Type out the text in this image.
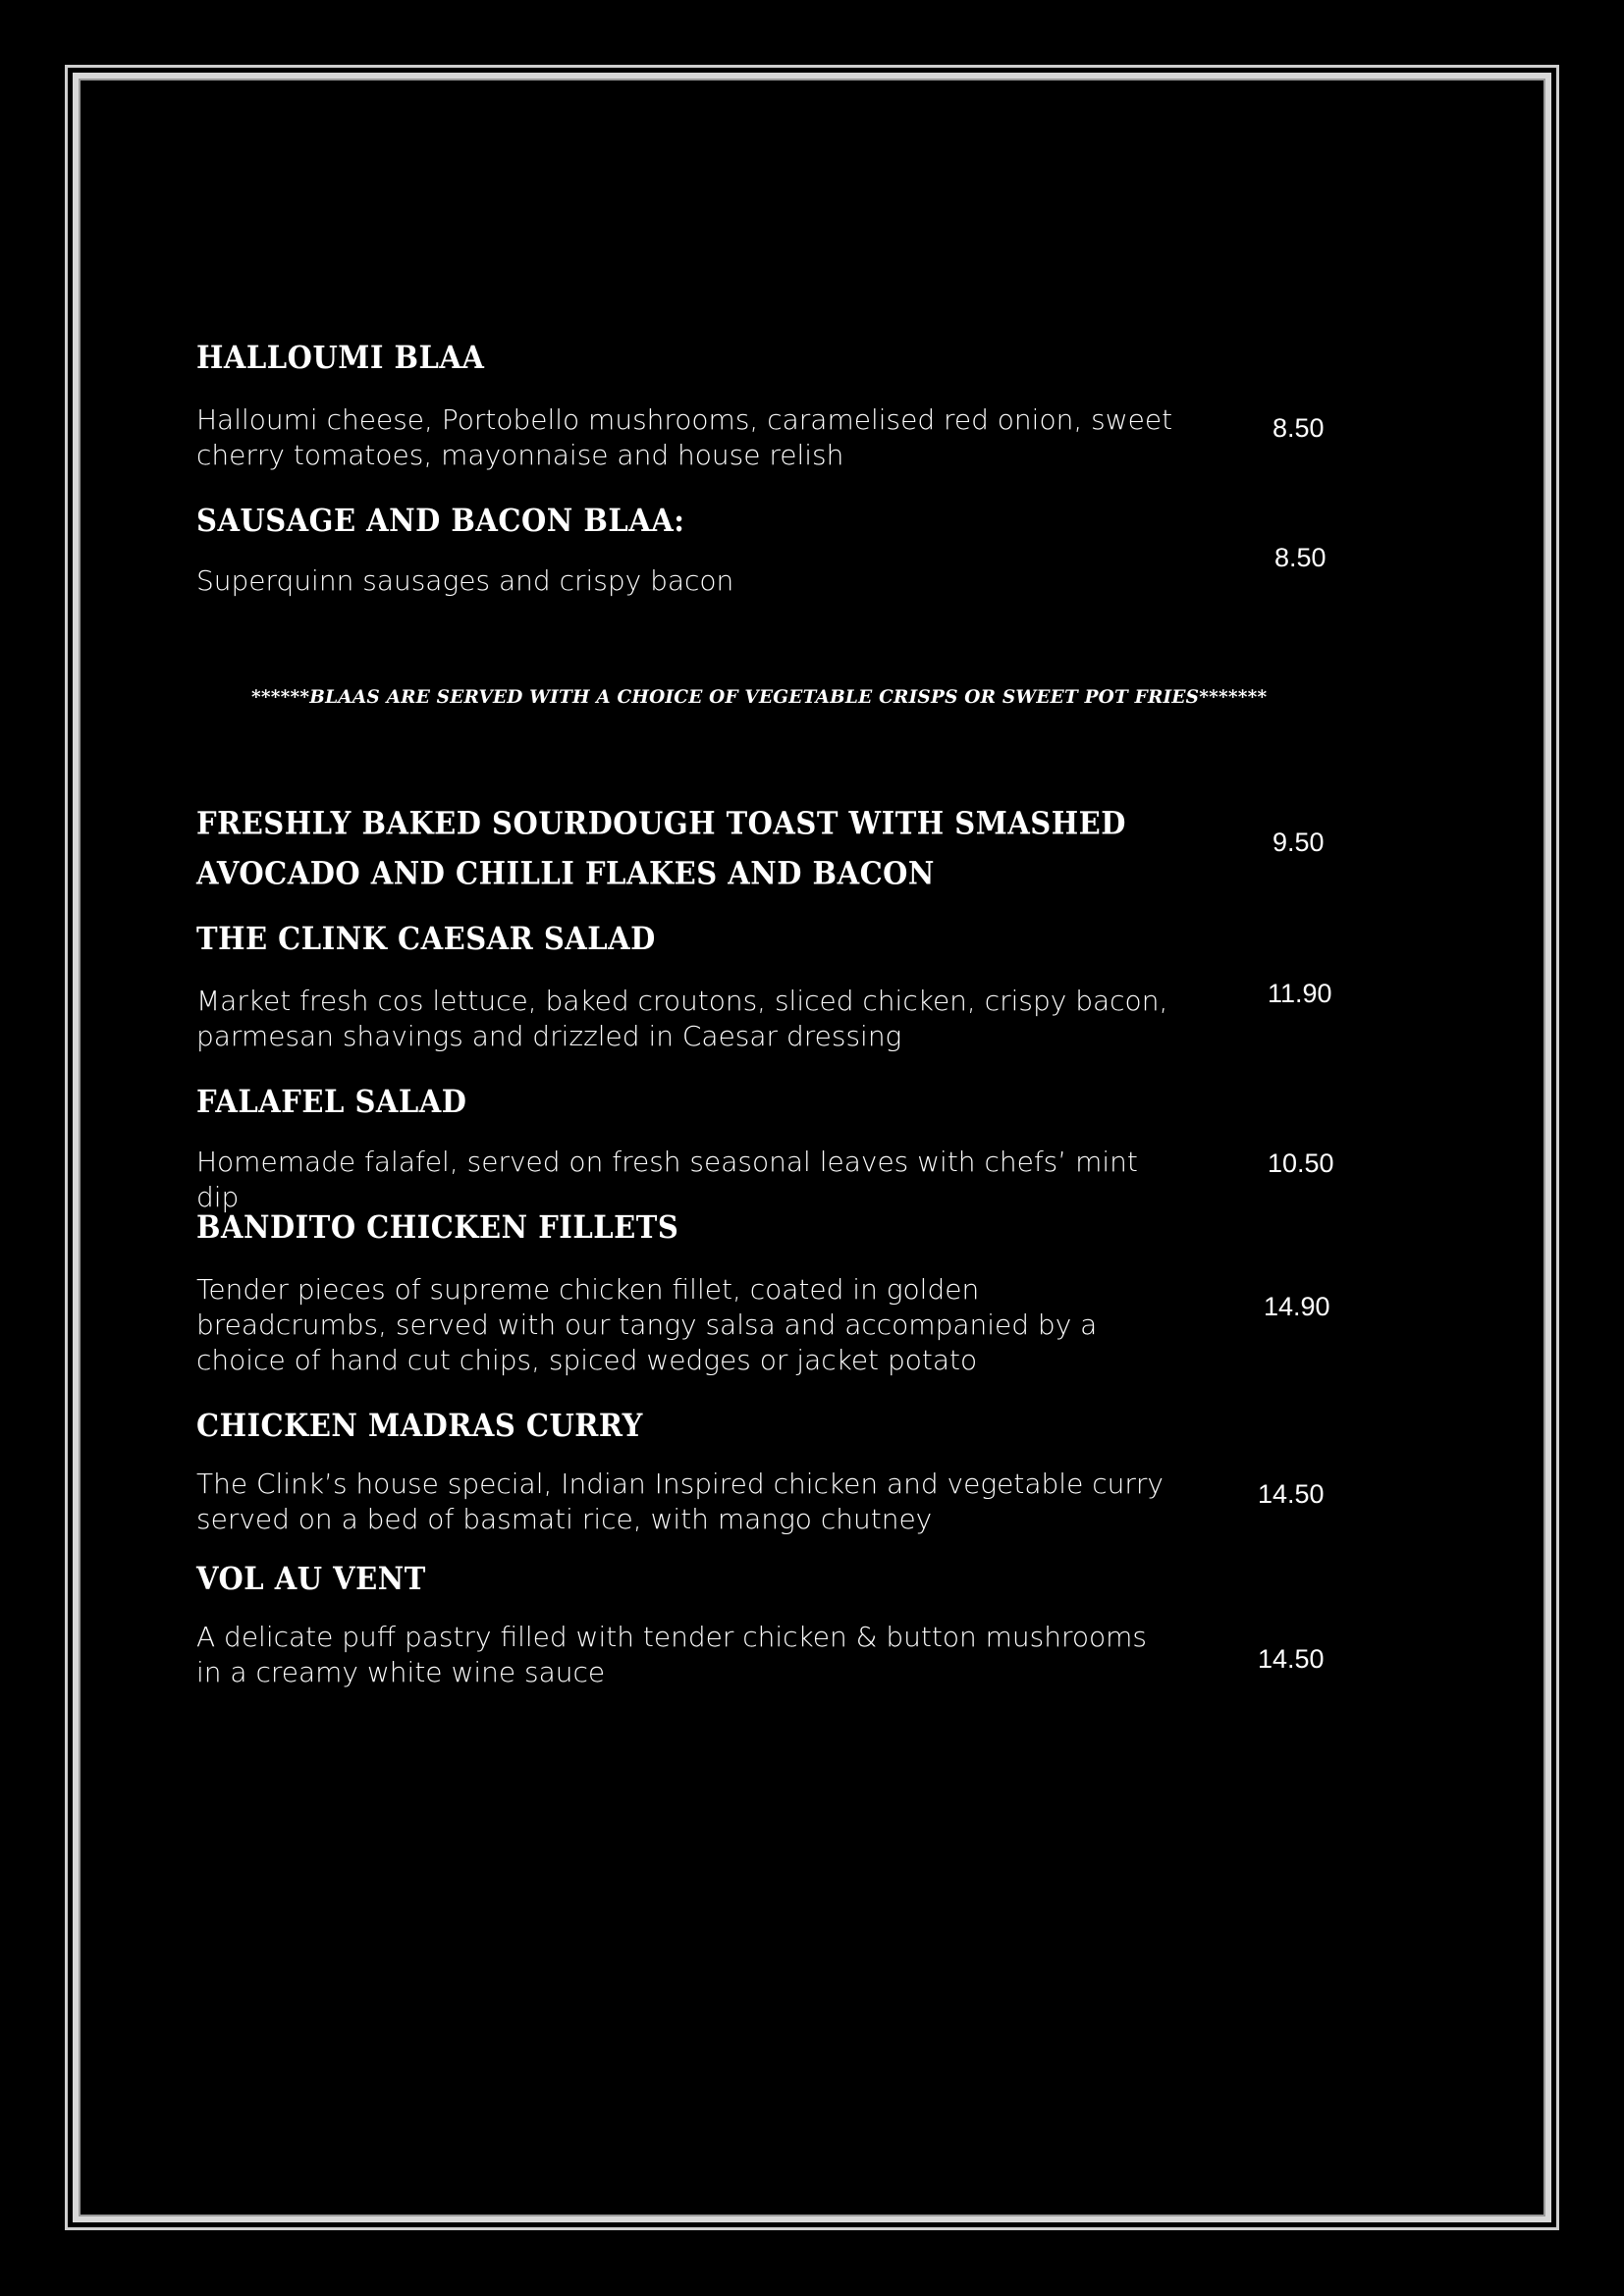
HALLOUMI BLAA
Halloumi cheese, Portobello mushrooms, caramelised red onion, sweet cherry tomatoes, mayonnaise and house relish
8.50
SAUSAGE AND BACON BLAA:
Superquinn sausages and crispy bacon
8.50
******BLAAS ARE SERVED WITH A CHOICE OF VEGETABLE CRISPS OR SWEET POT FRIES*******
FRESHLY BAKED SOURDOUGH TOAST WITH SMASHED AVOCADO AND CHILLI FLAKES AND BACON
9.50
THE CLINK CAESAR SALAD
Market fresh cos lettuce, baked croutons, sliced chicken, crispy bacon, parmesan shavings and drizzled in Caesar dressing
11.90
FALAFEL SALAD
Homemade falafel, served on fresh seasonal leaves with chefs’ mint dip
10.50
BANDITO CHICKEN FILLETS
Tender pieces of supreme chicken fillet, coated in golden breadcrumbs, served with our tangy salsa and accompanied by a choice of hand cut chips, spiced wedges or jacket potato
14.90
CHICKEN MADRAS CURRY
The Clink’s house special, Indian Inspired chicken and vegetable curry served on a bed of basmati rice, with mango chutney
14.50
VOL AU VENT
A delicate puff pastry filled with tender chicken & button mushrooms in a creamy white wine sauce	14.50
